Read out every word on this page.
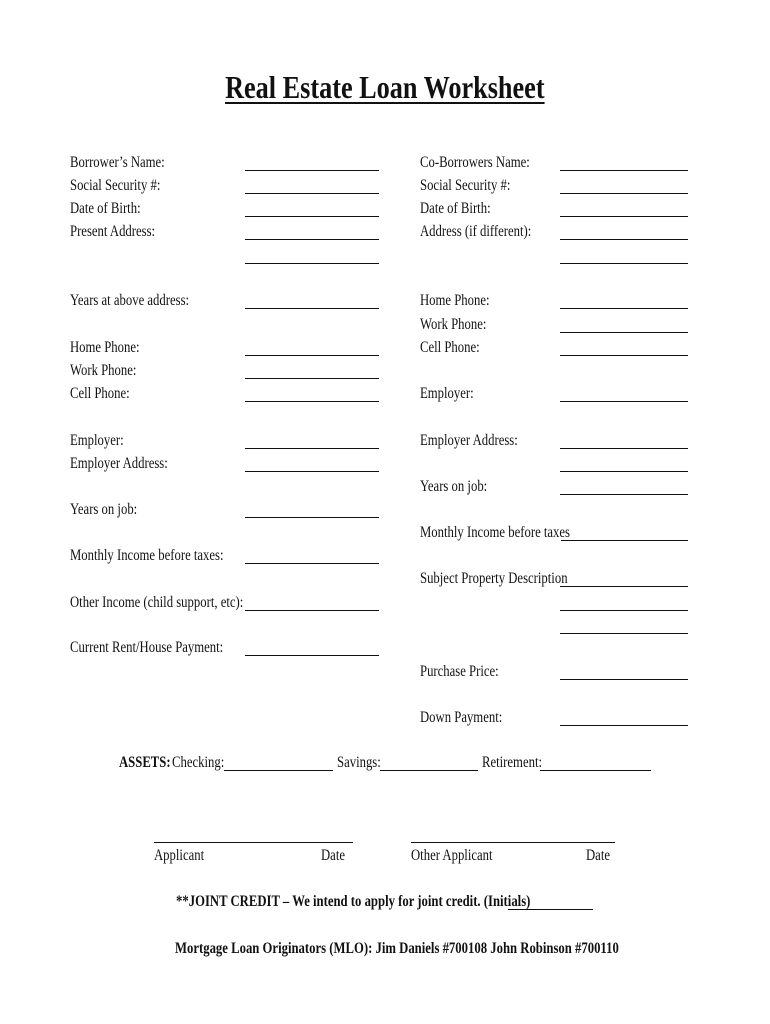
Real Estate Loan Worksheet
Borrower’s Name:
Social Security #:
Date of Birth:
Present Address:
Years at above address:
Home Phone:
Work Phone:
Cell Phone:
Employer:
Employer Address:
Years on job:
Monthly Income before taxes:
Other Income (child support, etc):
Current Rent/House Payment:
Co-Borrowers Name:
Social Security #:
Date of Birth:
Address (if different):
Home Phone:
Work Phone:
Cell Phone:
Employer:
Employer Address:
Years on job:
Monthly Income before taxes
Subject Property Description
Purchase Price:
Down Payment:
ASSETS: Checking:	Savings:	Retirement:
Applicant	Date	Other Applicant	Date
**JOINT CREDIT – We intend to apply for joint credit. (Initials)
Mortgage Loan Originators (MLO): Jim Daniels #700108 John Robinson #700110
